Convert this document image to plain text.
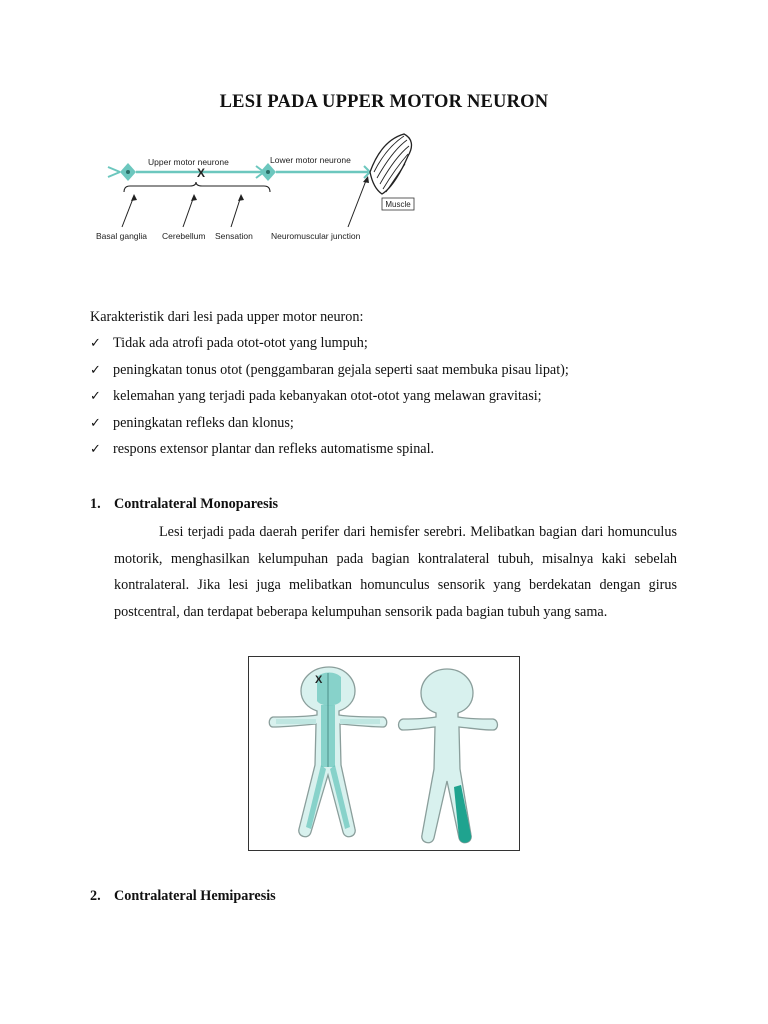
LESI PADA UPPER MOTOR NEURON
Muscle
Upper motor neurone	Lower motor neurone
X
Basal ganglia Cerebellum Sensation Neuromuscular junction
Karakteristik dari lesi pada upper motor neuron:
✓ Tidak ada atrofi pada otot-otot yang lumpuh;
✓ peningkatan tonus otot (penggambaran gejala seperti saat membuka pisau lipat);
✓ kelemahan yang terjadi pada kebanyakan otot-otot yang melawan gravitasi;
✓ peningkatan refleks dan klonus;
✓ respons extensor plantar dan refleks automatisme spinal.
1. Contralateral Monoparesis

Lesi terjadi pada daerah perifer dari hemisfer serebri. Melibatkan bagian dari homunculus motorik, menghasilkan kelumpuhan pada bagian kontralateral tubuh, misalnya kaki sebelah kontralateral. Jika lesi juga melibatkan homunculus sensorik yang berdekatan dengan girus postcentral, dan terdapat beberapa kelumpuhan sensorik pada bagian tubuh yang sama.

X
2. Contralateral Hemiparesis
